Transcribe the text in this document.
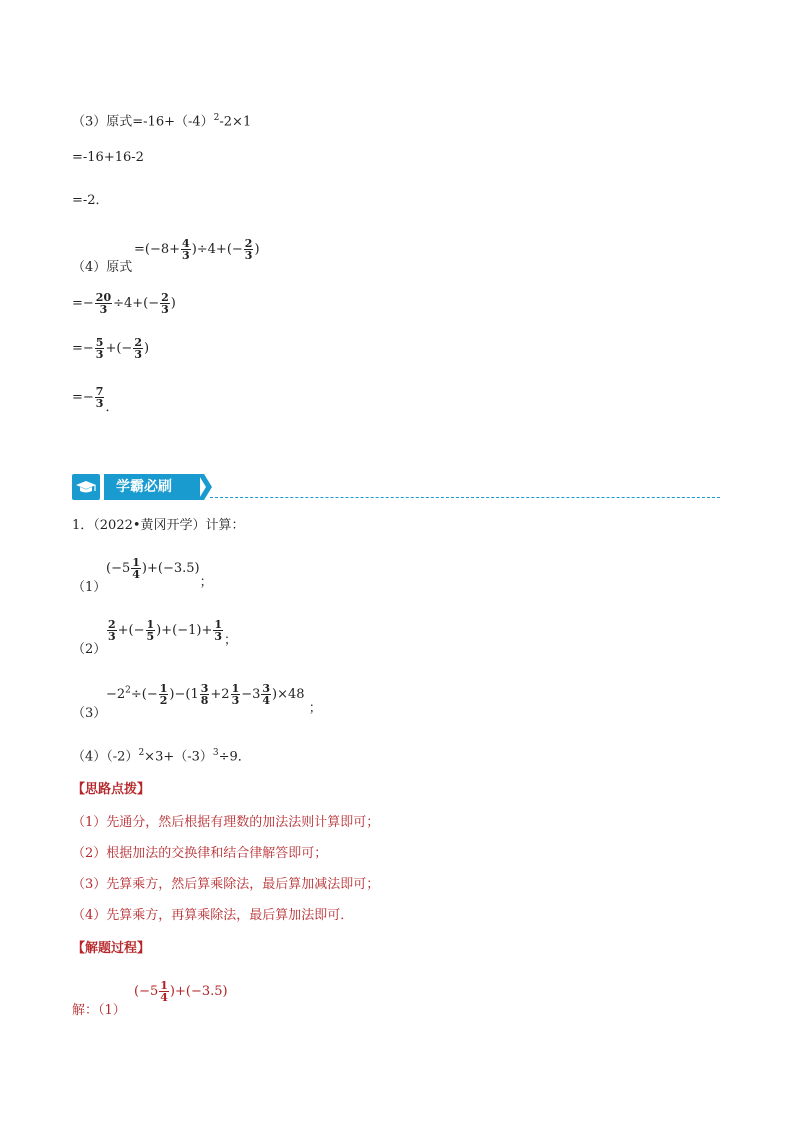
（3）原式$=-16+(-4)^2-2\times 1$
=-16+16-2
=-2．
（4）原式
$=(-8+ \frac{4}{3} )\div 4+(- \frac{2}{3}$ )
=− $\frac{20}{3} \div 4+(- \frac{2}{3}$ )
=− $\frac{5}{3}$ +(− $\frac{2}{3}$ )
=− $\frac{7}{3}$ ．
学霸必刷
1．（2022•黄冈开学）计算：
（1）
$(-5 \frac{1}{4} )+(-3.5)$；
（2）
$\frac{2}{3}$ +(− $\frac{1}{5} )+(-1)+ \frac{1}{3}$ ；
（3）
$-2^2\div(- \frac{1}{2} )-(1 \frac{3}{8} +2 \frac{1}{3} -3 \frac{3}{4} )\times 48$ ；
$(4)(-2)^2\times 3+(-3)^3\div 9$．
【思路点拨】
（1）先通分，然后根据有理数的加法法则计算即可；
（2）根据加法的交换律和结合律解答即可；
（3）先算乘方，然后算乘除法，最后算加减法即可；
（4）先算乘方，再算乘除法，最后算加法即可．
【解题过程】
解：（1）
$(-5 \frac{1}{4} )+(-3.5)$
